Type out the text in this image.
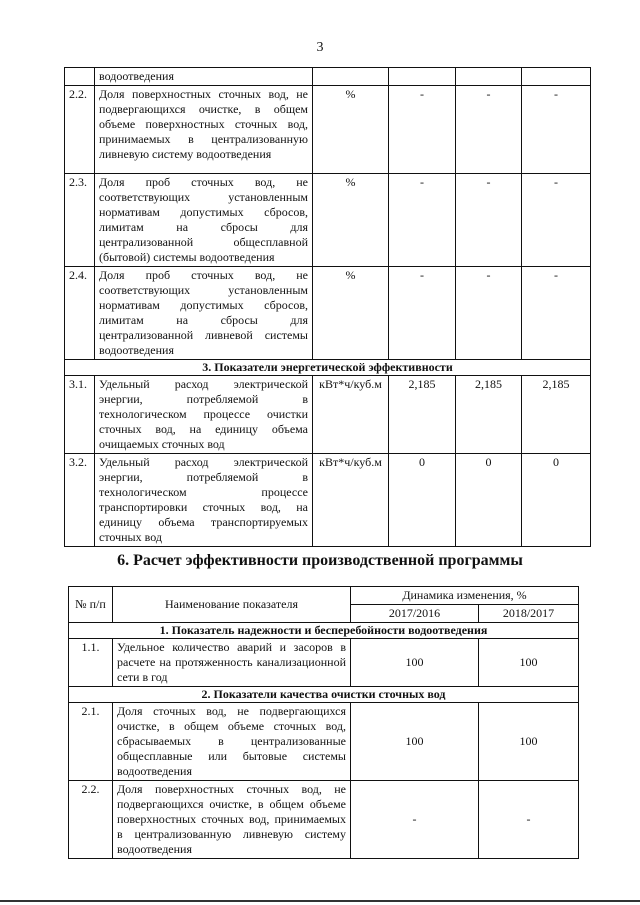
3
	водоотведения				
2.2.	Доля поверхностных сточных вод, не подвергающихся очистке, в общем объеме поверхностных сточных вод, принимаемых в централизованную ливневую систему водоотведения	%	-	-	-
2.3.	Доля проб сточных вод, не соответствующих установленным нормативам допустимых сбросов, лимитам на сбросы для централизованной общесплавной (бытовой) системы водоотведения	%	-	-	-
2.4.	Доля проб сточных вод, не соответствующих установленным нормативам допустимых сбросов, лимитам на сбросы для централизованной ливневой системы водоотведения	%	-	-	-
3. Показатели энергетической эффективности					
3.1.	Удельный расход электрической энергии, потребляемой в технологическом процессе очистки сточных вод, на единицу объема очищаемых сточных вод	кВт*ч/куб.м	2,185	2,185	2,185
3.2.	Удельный расход электрической энергии, потребляемой в технологическом процессе транспортировки сточных вод, на единицу объема транспортируемых сточных вод	кВт*ч/куб.м	0	0	0
6. Расчет эффективности производственной программы
№ п/п	Наименование показателя	Динамика изменения, %	
		2017/2016	2018/2017
1. Показатель надежности и бесперебойности водоотведения			
1.1.	Удельное количество аварий и засоров в расчете на протяженность канализационной сети в год	100	100
2. Показатели качества очистки сточных вод			
2.1.	Доля сточных вод, не подвергающихся очистке, в общем объеме сточных вод, сбрасываемых в централизованные общесплавные или бытовые системы водоотведения	100	100
2.2.	Доля поверхностных сточных вод, не подвергающихся очистке, в общем объеме поверхностных сточных вод, принимаемых в централизованную ливневую систему водоотведения	-	-
